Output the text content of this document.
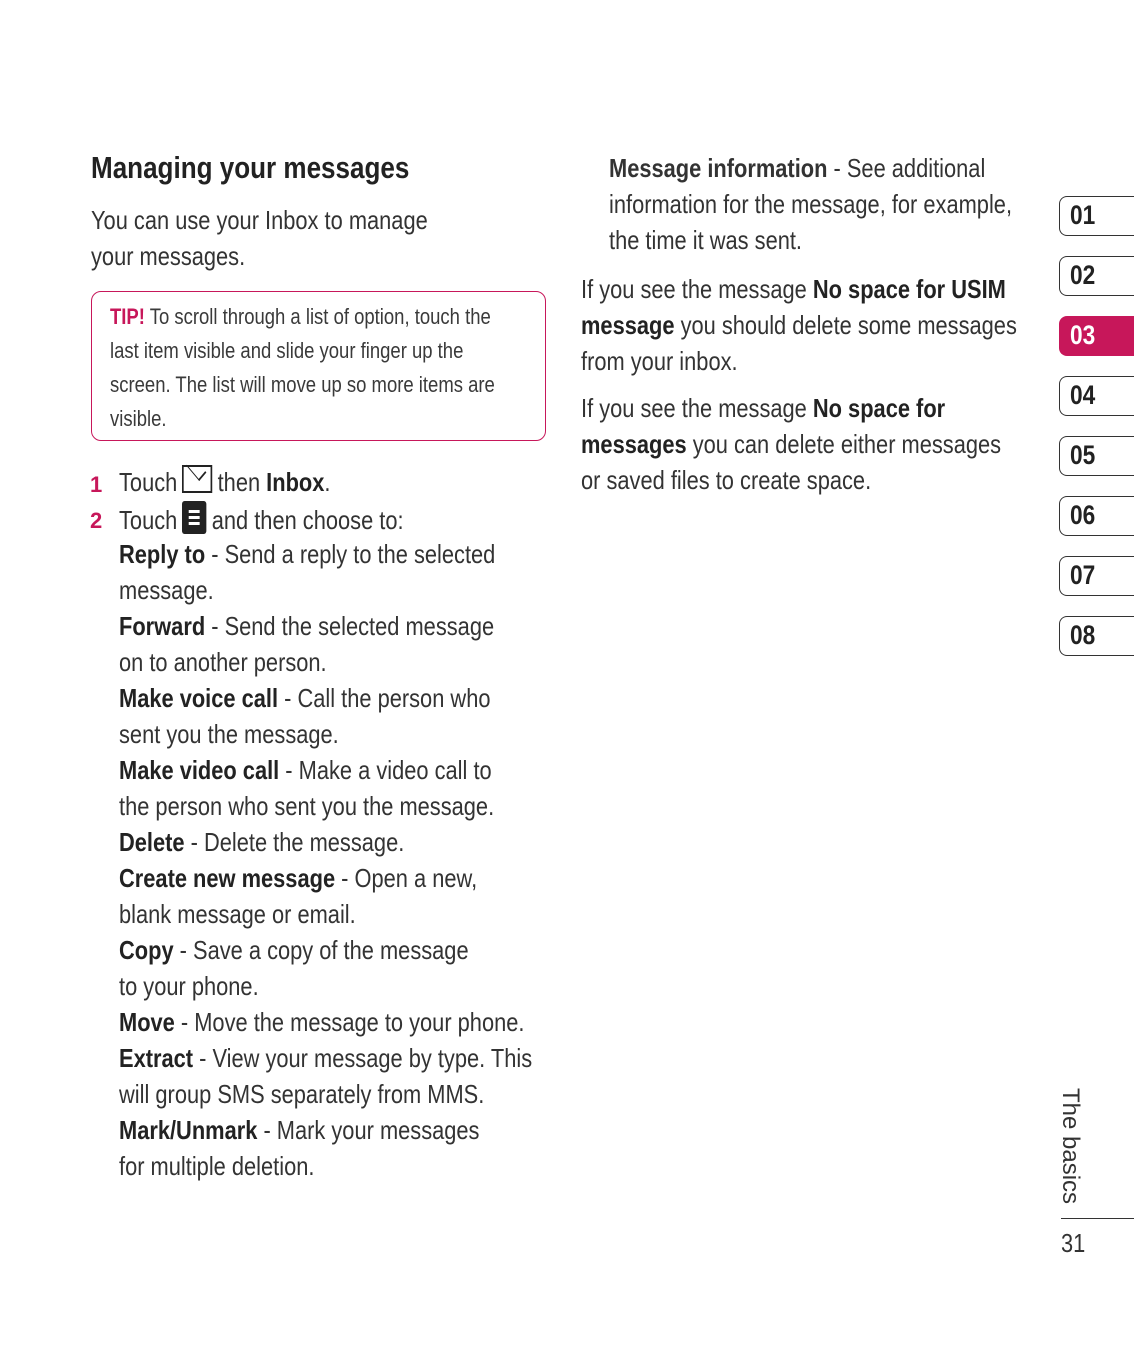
Managing your messages
You can use your Inbox to manage
your messages.
TIP! To scroll through a list of option, touch the
last item visible and slide your finger up the
screen. The list will move up so more items are
visible.
1 Touch then Inbox.
2 Touch and then choose to:
Reply to - Send a reply to the selected
message.
Forward - Send the selected message
on to another person.
Make voice call - Call the person who
sent you the message.
Make video call - Make a video call to
the person who sent you the message.
Delete - Delete the message.
Create new message - Open a new,
blank message or email.
Copy - Save a copy of the message
to your phone.
Move - Move the message to your phone.
Extract - View your message by type. This
will group SMS separately from MMS.
Mark/Unmark - Mark your messages
for multiple deletion.
Message information - See additional
information for the message, for example,
the time it was sent.
If you see the message No space for USIM
message you should delete some messages
from your inbox.
If you see the message No space for
messages you can delete either messages
or saved files to create space.
01
02
03
04
05
06
07
08
The basics
31
